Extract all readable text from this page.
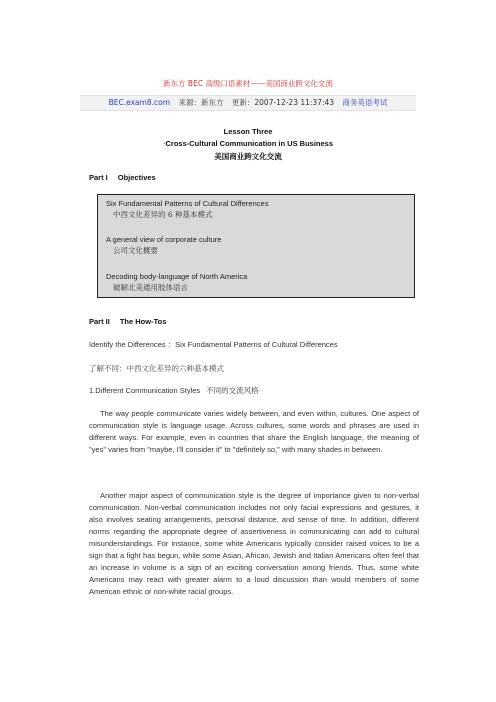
新东方 BEC 高级口语素材——美国商业跨文化交流
BEC.exam8.com 来源：新东方 更新：2007-12-23 11:37:43 商务英语考试
Lesson Three
-Cross-Cultural Communication in US Business
美国商业跨文化交流
Part I Objectives
Six Fundamental Patterns of Cultural Differences
中西文化差异的 6 种基本模式
A general view of corporate culture
公司文化概要
Decoding body-language of North America
破解北美通用肢体语言
Part II The How-Tos
Identify the Differences ：Six Fundamental Patterns of Cultural Differences
了解不同：中西文化差异的六种基本模式
1.Different Communication Styles 不同的交流风格

The way people communicate varies widely between, and even within, cultures. One aspect of communication style is language usage. Across cultures, some words and phrases are used in different ways. For example, even in countries that share the English language, the meaning of "yes" varies from "maybe, I'll consider it" to "definitely so," with many shades in between.

Another major aspect of communication style is the degree of importance given to non-verbal communication. Non-verbal communication includes not only facial expressions and gestures, it also involves seating arrangements, personal distance, and sense of time. In addition, different norms regarding the appropriate degree of assertiveness in communicating can add to cultural misunderstandings. For instance, some white Americans typically consider raised voices to be a sign that a fight has begun, while some Asian, African, Jewish and Italian Americans often feel that an increase in volume is a sign of an exciting conversation among friends. Thus, some white Americans may react with greater alarm to a loud discussion than would members of some American ethnic or non-white racial groups.
